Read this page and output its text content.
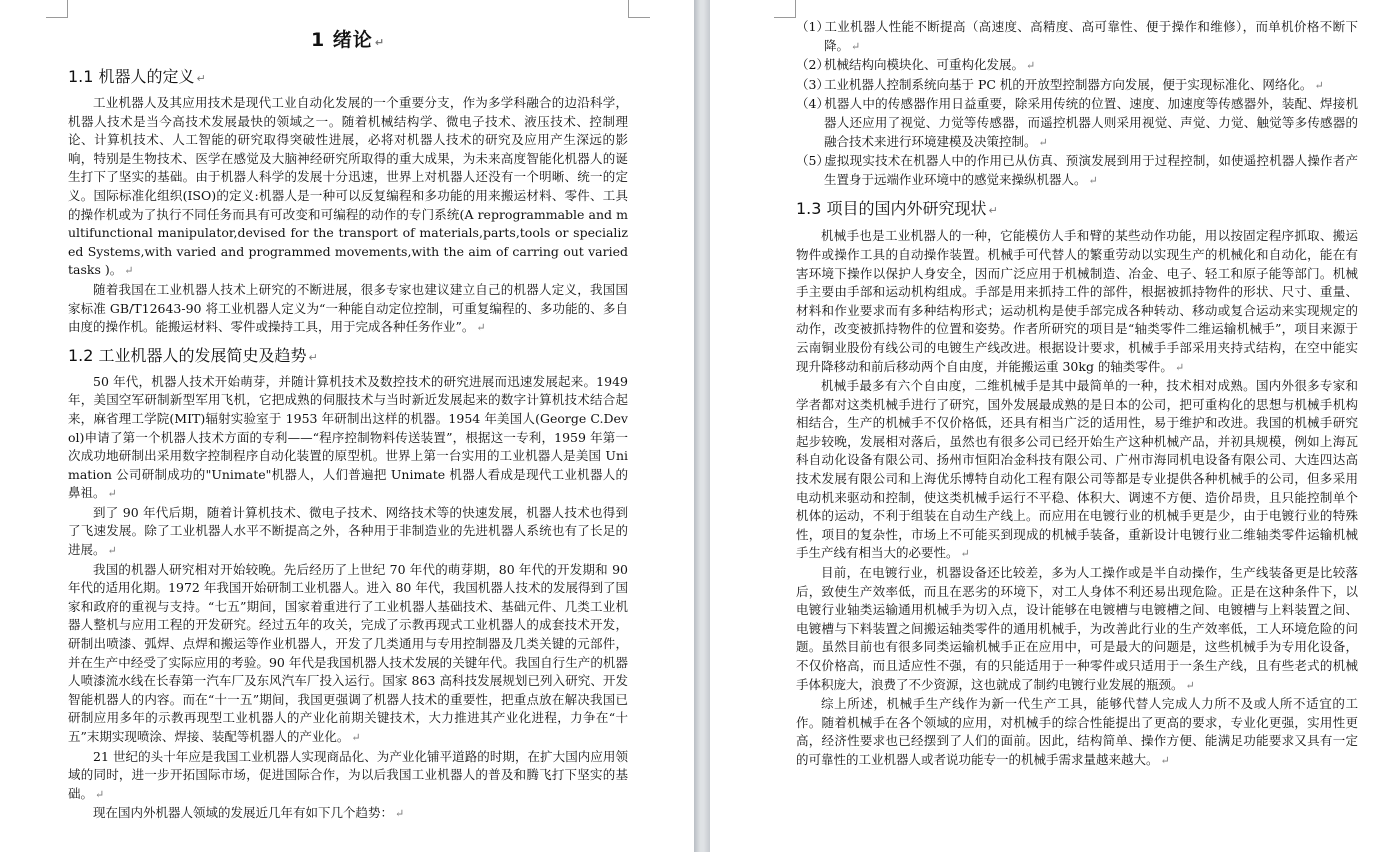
1 绪论 ↵
1.1 机器人的定义 ↵

工业机器人及其应用技术是现代工业自动化发展的一个重要分支，作为多学科融合的边沿科学，机器人技术是当今高技术发展最快的领域之一。随着机械结构学、微电子技术、液压技术、控制理论、计算机技术、人工智能的研究取得突破性进展，必将对机器人技术的研究及应用产生深远的影响，特别是生物技术、医学在感觉及大脑神经研究所取得的重大成果，为未来高度智能化机器人的诞生打下了坚实的基础。由于机器人科学的发展十分迅速，世界上对机器人还没有一个明晰、统一的定义。国际标准化组织(ISO)的定义:机器人是一种可以反复编程和多功能的用来搬运材料、零件、工具的操作机或为了执行不同任务而具有可改变和可编程的动作的专门系统(A reprogrammable and multifunctional manipulator,devised for the transport of materials,parts,tools or specialized Systems,with varied and programmed movements,with the aim of carring out varied tasks )。 ↵

随着我国在工业机器人技术上研究的不断进展，很多专家也建议建立自己的机器人定义，我国国家标准 GB/T12643-90 将工业机器人定义为“一种能自动定位控制，可重复编程的、多功能的、多自由度的操作机。能搬运材料、零件或操持工具，用于完成各种任务作业”。 ↵

1.2 工业机器人的发展简史及趋势 ↵

50 年代，机器人技术开始萌芽，并随计算机技术及数控技术的研究进展而迅速发展起来。1949 年，美国空军研制新型军用飞机，它把成熟的伺服技术与当时新近发展起来的数字计算机技术结合起来，麻省理工学院(MIT)辐射实验室于 1953 年研制出这样的机器。1954 年美国人(George C.Devol)申请了第一个机器人技术方面的专利——“程序控制物料传送装置”，根据这一专利，1959 年第一次成功地研制出采用数字控制程序自动化装置的原型机。世界上第一台实用的工业机器人是美国 Unimation 公司研制成功的"Unimate"机器人，人们普遍把 Unimate 机器人看成是现代工业机器人的鼻祖。 ↵

到了 90 年代后期，随着计算机技术、微电子技术、网络技术等的快速发展，机器人技术也得到了飞速发展。除了工业机器人水平不断提高之外，各种用于非制造业的先进机器人系统也有了长足的进展。 ↵

我国的机器人研究相对开始较晚。先后经历了上世纪 70 年代的萌芽期，80 年代的开发期和 90 年代的适用化期。1972 年我国开始研制工业机器人。进入 80 年代，我国机器人技术的发展得到了国家和政府的重视与支持。“七五”期间，国家着重进行了工业机器人基础技术、基础元件、几类工业机器人整机与应用工程的开发研究。经过五年的攻关，完成了示教再现式工业机器人的成套技术开发，研制出喷漆、弧焊、点焊和搬运等作业机器人，开发了几类通用与专用控制器及几类关键的元部件，并在生产中经受了实际应用的考验。90 年代是我国机器人技术发展的关键年代。我国自行生产的机器人喷漆流水线在长春第一汽车厂及东风汽车厂投入运行。国家 863 高科技发展规划已列入研究、开发智能机器人的内容。而在“十一五”期间，我国更强调了机器人技术的重要性，把重点放在解决我国已研制应用多年的示教再现型工业机器人的产业化前期关键技术，大力推进其产业化进程，力争在“十五”末期实现喷涂、焊接、装配等机器人的产业化。 ↵

21 世纪的头十年应是我国工业机器人实现商品化、为产业化铺平道路的时期，在扩大国内应用领域的同时，进一步开拓国际市场，促进国际合作，为以后我国工业机器人的普及和腾飞打下坚实的基础。 ↵

现在国内外机器人领域的发展近几年有如下几个趋势： ↵

（1）工业机器人性能不断提高（高速度、高精度、高可靠性、便于操作和维修），而单机价格不断下降。 ↵
（2）机械结构向模块化、可重构化发展。 ↵
（3）工业机器人控制系统向基于 PC 机的开放型控制器方向发展，便于实现标准化、网络化。 ↵
（4）机器人中的传感器作用日益重要，除采用传统的位置、速度、加速度等传感器外，装配、焊接机器人还应用了视觉、力觉等传感器，而遥控机器人则采用视觉、声觉、力觉、触觉等多传感器的融合技术来进行环境建模及决策控制。 ↵
（5）虚拟现实技术在机器人中的作用已从仿真、预演发展到用于过程控制，如使遥控机器人操作者产生置身于远端作业环境中的感觉来操纵机器人。 ↵
1.3 项目的国内外研究现状 ↵

机械手也是工业机器人的一种，它能模仿人手和臂的某些动作功能，用以按固定程序抓取、搬运物件或操作工具的自动操作装置。机械手可代替人的繁重劳动以实现生产的机械化和自动化，能在有害环境下操作以保护人身安全，因而广泛应用于机械制造、冶金、电子、轻工和原子能等部门。机械手主要由手部和运动机构组成。手部是用来抓持工件的部件，根据被抓持物件的形状、尺寸、重量、材料和作业要求而有多种结构形式；运动机构是使手部完成各种转动、移动或复合运动来实现规定的动作，改变被抓持物件的位置和姿势。作者所研究的项目是“轴类零件二维运输机械手”，项目来源于云南铜业股份有线公司的电镀生产线改进。根据设计要求，机械手手部采用夹持式结构，在空中能实现升降移动和前后移动两个自由度，并能搬运重 30kg 的轴类零件。 ↵

机械手最多有六个自由度，二维机械手是其中最简单的一种，技术相对成熟。国内外很多专家和学者都对这类机械手进行了研究，国外发展最成熟的是日本的公司，把可重构化的思想与机械手机构相结合，生产的机械手不仅价格低，还具有相当广泛的适用性，易于维护和改进。我国的机械手研究起步较晚，发展相对落后，虽然也有很多公司已经开始生产这种机械产品，并初具规模，例如上海瓦科自动化设备有限公司、扬州市恒阳冶金科技有限公司、广州市海同机电设备有限公司、大连四达高技术发展有限公司和上海优乐博特自动化工程有限公司等都是专业提供各种机械手的公司，但多采用电动机来驱动和控制，使这类机械手运行不平稳、体积大、调速不方便、造价昂贵，且只能控制单个机体的运动，不利于组装在自动生产线上。而应用在电镀行业的机械手更是少，由于电镀行业的特殊性，项目的复杂性，市场上不可能买到现成的机械手装备，重新设计电镀行业二维轴类零件运输机械手生产线有相当大的必要性。 ↵

目前，在电镀行业，机器设备还比较差，多为人工操作或是半自动操作，生产线装备更是比较落后，致使生产效率低，而且在恶劣的环境下，对工人身体不利还易出现危险。正是在这种条件下，以电镀行业轴类运输通用机械手为切入点，设计能够在电镀槽与电镀槽之间、电镀槽与上料装置之间、电镀槽与下料装置之间搬运轴类零件的通用机械手，为改善此行业的生产效率低，工人环境危险的问题。虽然目前也有很多同类运输机械手正在应用中，可是最大的问题是，这些机械手为专用化设备，不仅价格高，而且适应性不强，有的只能适用于一种零件或只适用于一条生产线，且有些老式的机械手体积庞大，浪费了不少资源，这也就成了制约电镀行业发展的瓶颈。 ↵

综上所述，机械手生产线作为新一代生产工具，能够代替人完成人力所不及或人所不适宜的工作。随着机械手在各个领域的应用，对机械手的综合性能提出了更高的要求，专业化更强，实用性更高，经济性要求也已经摆到了人们的面前。因此，结构简单、操作方便、能满足功能要求又具有一定的可靠性的工业机器人或者说功能专一的机械手需求量越来越大。 ↵
